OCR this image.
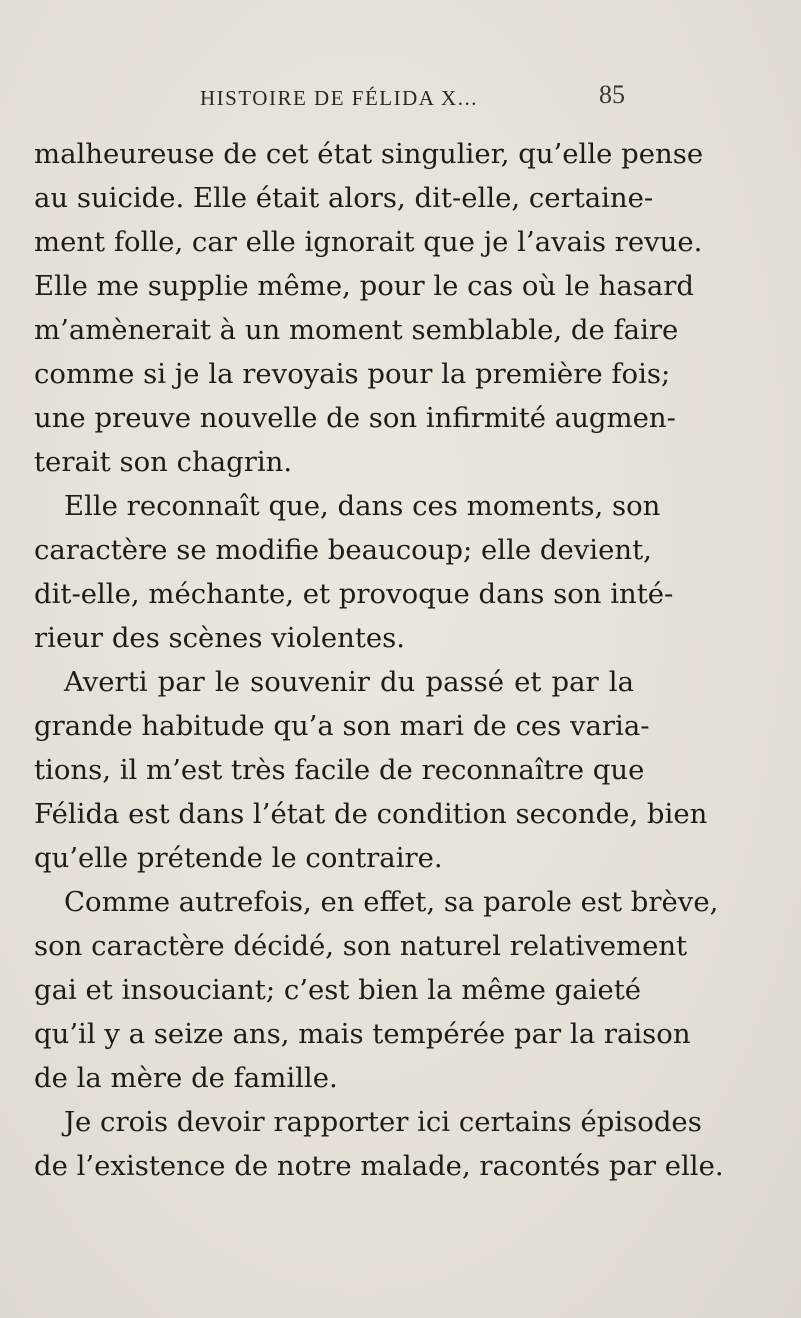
HISTOIRE DE FÉLIDA X...	85
malheureuse de cet état singulier, qu’elle pense
au suicide. Elle était alors, dit-elle, certaine-
ment folle, car elle ignorait que je l’avais revue.
Elle me supplie même, pour le cas où le hasard
m’amènerait à un moment semblable, de faire
comme si je la revoyais pour la première fois;
une preuve nouvelle de son infirmité augmen-
terait son chagrin.
Elle reconnaît que, dans ces moments, son
caractère se modifie beaucoup; elle devient,
dit-elle, méchante, et provoque dans son inté-
rieur des scènes violentes.
Averti par le souvenir du passé et par la
grande habitude qu’a son mari de ces varia-
tions, il m’est très facile de reconnaître que
Félida est dans l’état de condition seconde, bien
qu’elle prétende le contraire.
Comme autrefois, en effet, sa parole est brève,
son caractère décidé, son naturel relativement
gai et insouciant; c’est bien la même gaieté
qu’il y a seize ans, mais tempérée par la raison
de la mère de famille.
Je crois devoir rapporter ici certains épisodes
de l’existence de notre malade, racontés par elle.
